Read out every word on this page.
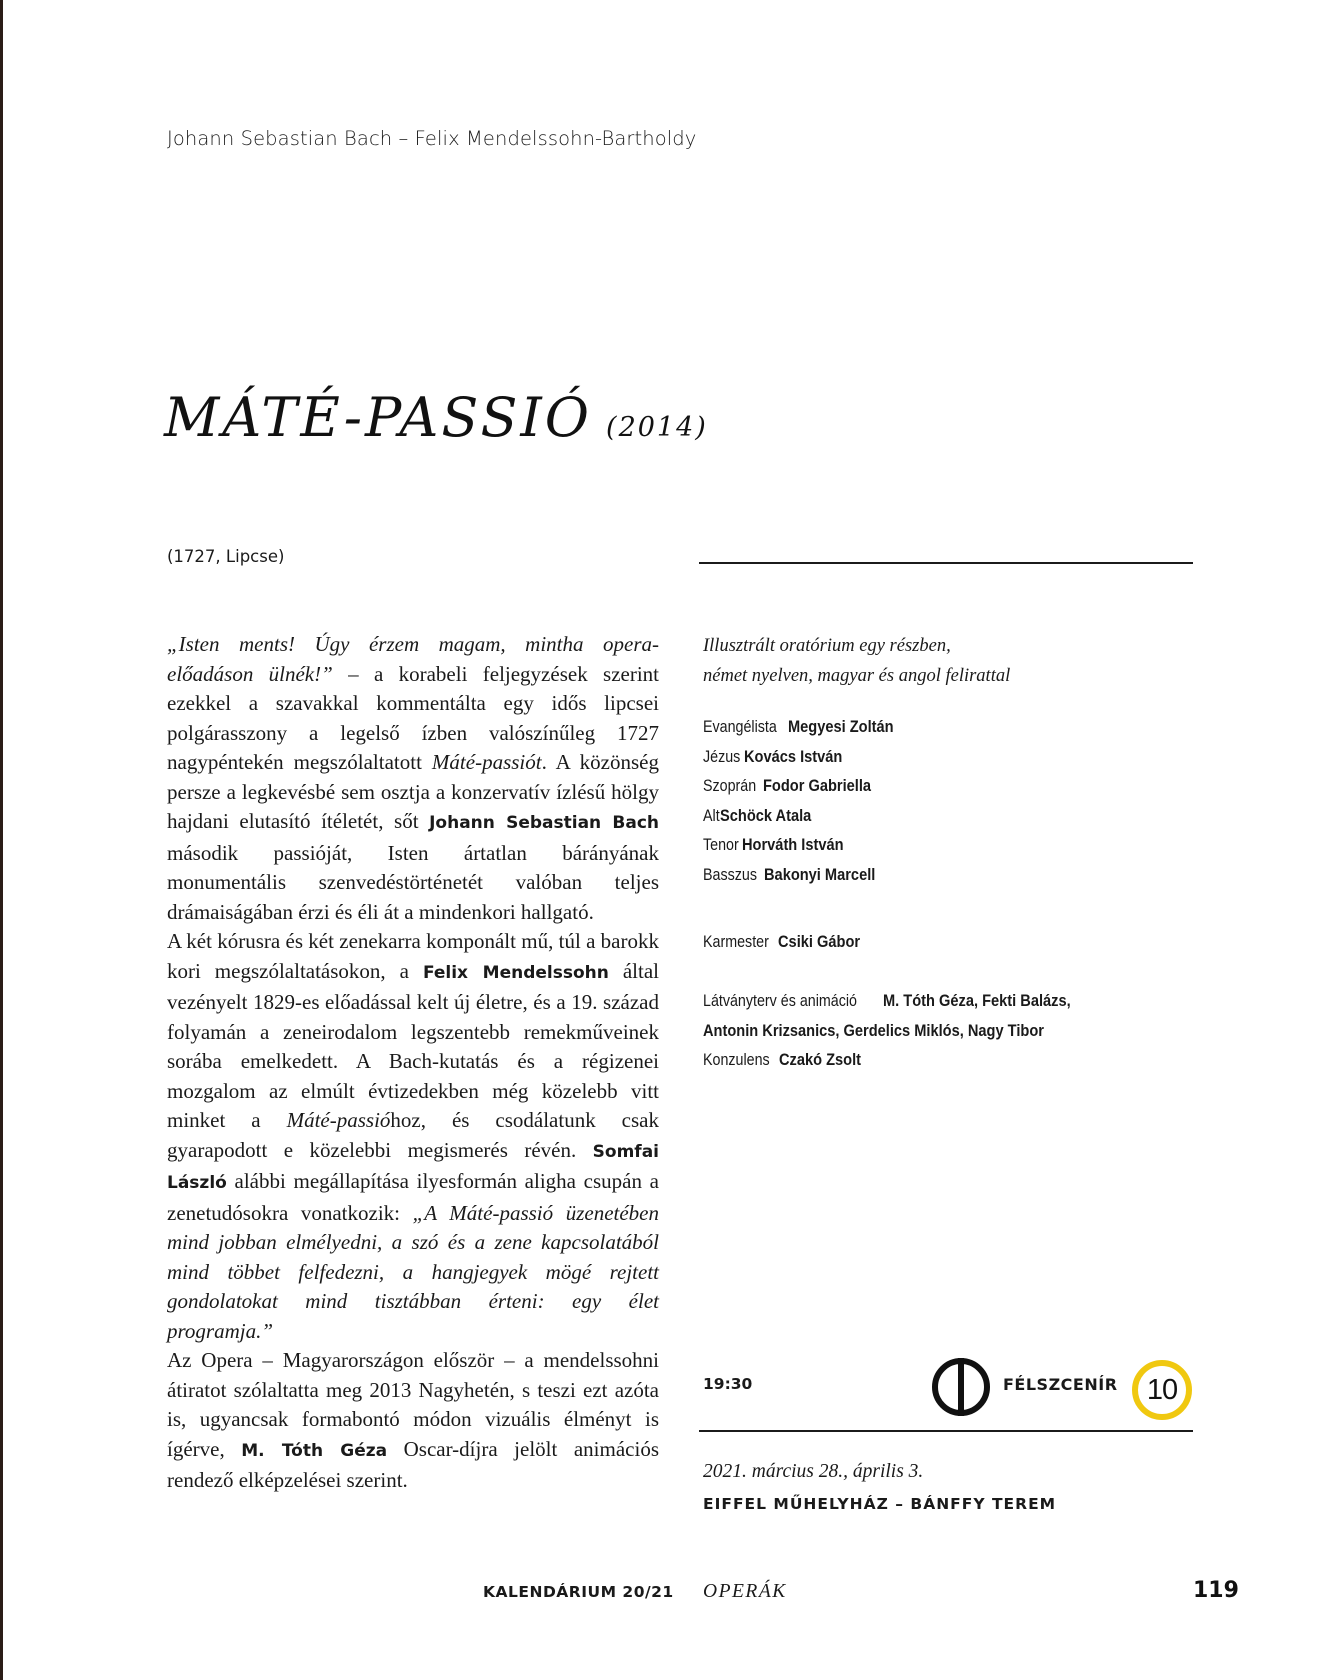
Johann Sebastian Bach – Felix Mendelssohn-Bartholdy
MÁTÉ-PASSIÓ (2014)
(1727, Lipcse)

„Isten ments! Úgy érzem magam, mintha opera-előadáson ülnék!” – a korabeli feljegyzések szerint ezekkel a szavakkal kommentálta egy idős lipcsei polgárasszony a legelső ízben valószínűleg 1727 nagypéntekén megszólaltatott Máté-passiót. A közönség persze a legkevésbé sem osztja a konzervatív ízlésű hölgy hajdani elutasító ítéletét, sőt Johann Sebastian Bach második passióját, Isten ártatlan bárányának monumentális szenvedéstörténetét valóban teljes drámaiságában érzi és éli át a mindenkori hallgató.

A két kórusra és két zenekarra komponált mű, túl a barokk kori megszólaltatásokon, a Felix Mendelssohn által vezényelt 1829-es előadással kelt új életre, és a 19. század folyamán a zeneirodalom legszentebb remekműveinek sorába emelkedett. A Bach-kutatás és a régizenei mozgalom az elmúlt évtizedekben még közelebb vitt minket a Máté-passióhoz, és csodálatunk csak gyarapodott e közelebbi megismerés révén. Somfai László alábbi megállapítása ilyesformán aligha csupán a zenetudósokra vonatkozik: „A Máté-passió üzenetében mind jobban elmélyedni, a szó és a zene kapcsolatából mind többet felfedezni, a hangjegyek mögé rejtett gondolatokat mind tisztábban érteni: egy élet programja.”

Az Opera – Magyarországon először – a mendelssohni átiratot szólaltatta meg 2013 Nagyhetén, s teszi ezt azóta is, ugyancsak formabontó módon vizuális élményt is ígérve, M. Tóth Géza Oscar-díjra jelölt animációs rendező elképzelései szerint.

Illusztrált oratórium egy részben,
német nyelven, magyar és angol felirattal
Evangélista Megyesi Zoltán
Jézus Kovács István
Szoprán Fodor Gabriella
Alt Schöck Atala
Tenor Horváth István
Basszus Bakonyi Marcell
Karmester Csiki Gábor
Látványterv és animáció M. Tóth Géza, Fekti Balázs,
Antonin Krizsanics, Gerdelics Miklós, Nagy Tibor
Konzulens Czakó Zsolt
19:30	FÉLSZCENÍR	10
2021. március 28., április 3.
EIFFEL MŰHELYHÁZ – BÁNFFY TEREM
KALENDÁRIUM 20/21 OPERÁK	119
